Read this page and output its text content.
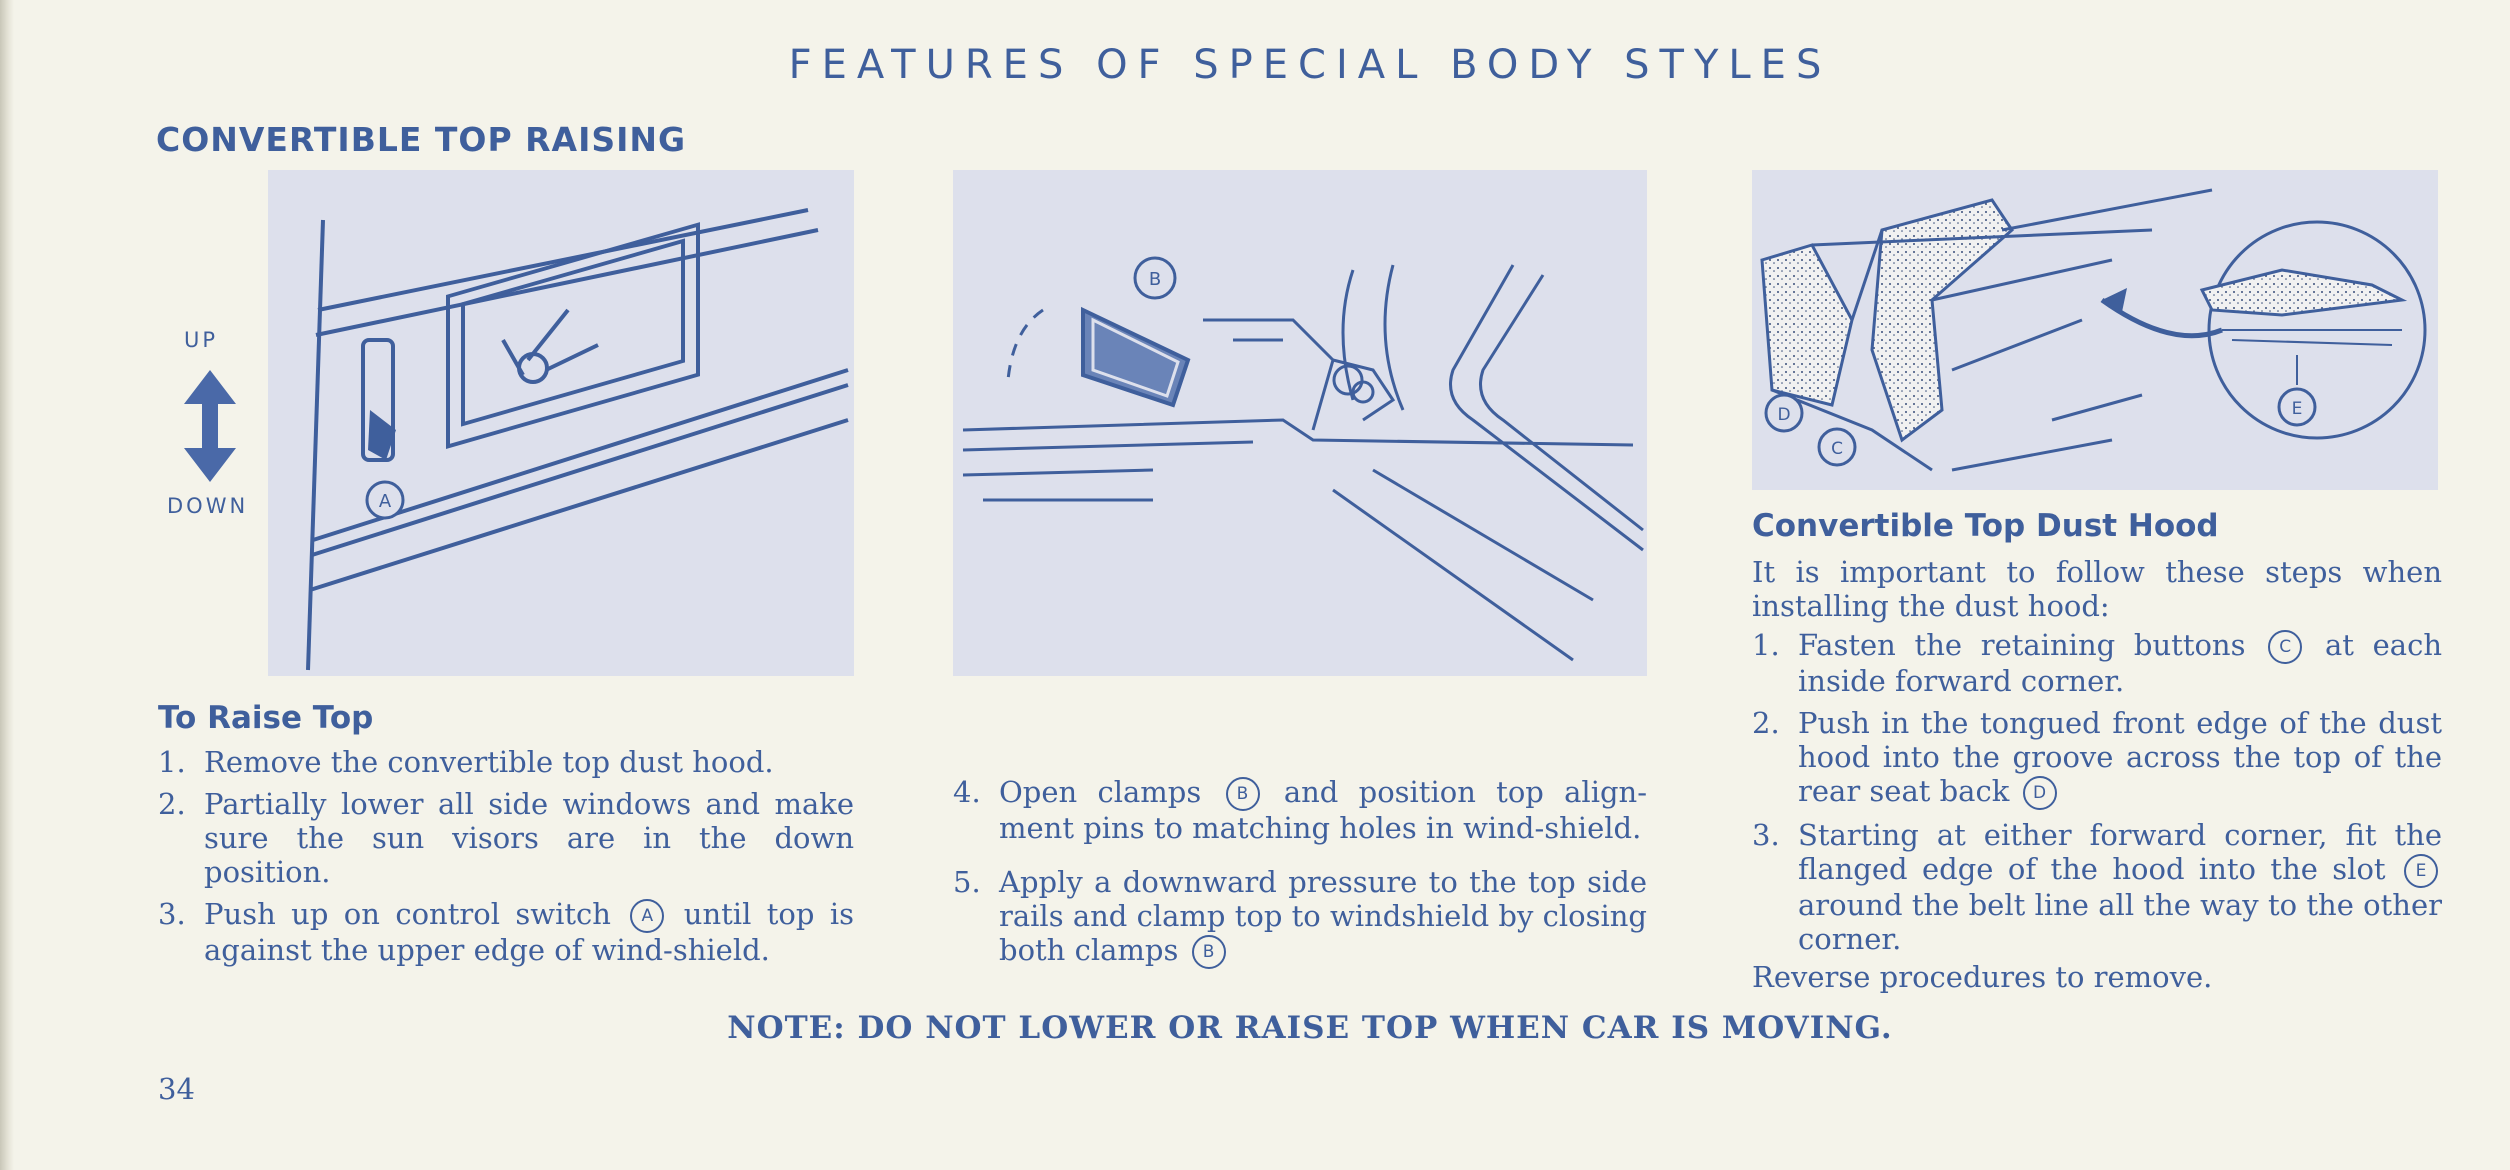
FEATURES OF SPECIAL BODY STYLES
CONVERTIBLE TOP RAISING
UP
DOWN	A
B
D
C
E
To Raise Top
1. Remove the convertible top dust hood.
2. Partially lower all side windows and make sure the sun visors are in the down position.
3. Push up on control switch A until top is against the upper edge of wind-shield.
4. Open clamps B and position top align-ment pins to matching holes in wind-shield.
5. Apply a downward pressure to the top side rails and clamp top to windshield by closing both clamps B
Convertible Top Dust Hood
It is important to follow these steps when installing the dust hood:
1. Fasten the retaining buttons C at each inside forward corner.
2. Push in the tongued front edge of the dust hood into the groove across the top of the rear seat back D
3. Starting at either forward corner, fit the flanged edge of the hood into the slot E around the belt line all the way to the other corner.
Reverse procedures to remove.
NOTE: DO NOT LOWER OR RAISE TOP WHEN CAR IS MOVING.
34
